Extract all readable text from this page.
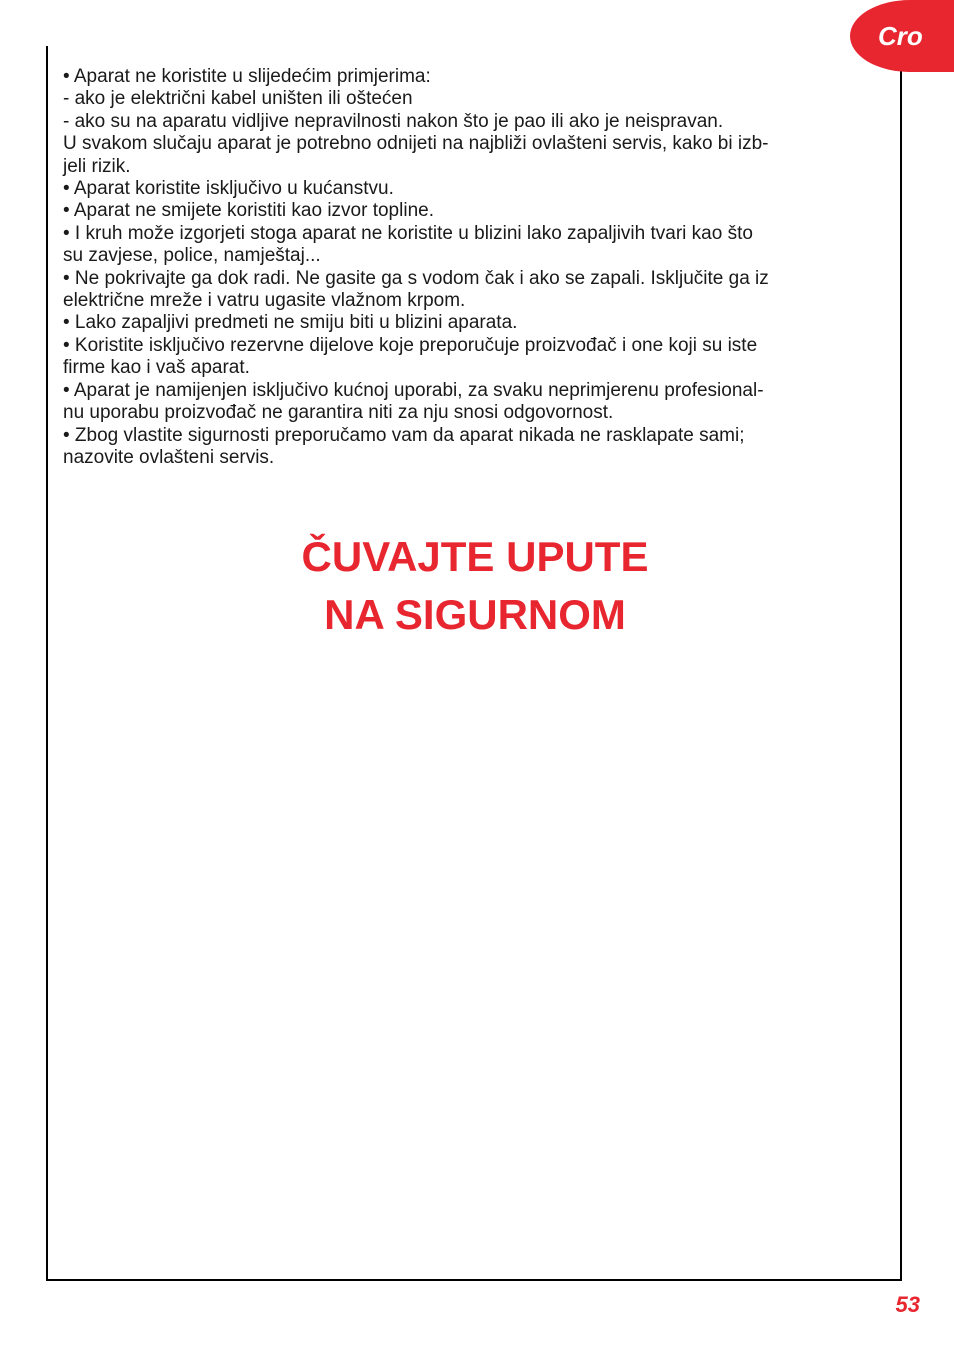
Cro

• Aparat ne koristite u slijedećim primjerima:

- ako je električni kabel uništen ili oštećen

- ako su na aparatu vidljive nepravilnosti nakon što je pao ili ako je neispravan.

U svakom slučaju aparat je potrebno odnijeti na najbliži ovlašteni servis, kako bi izb-

jeli rizik.

• Aparat koristite isključivo u kućanstvu.

• Aparat ne smijete koristiti kao izvor topline.

• I kruh može izgorjeti stoga aparat ne koristite u blizini lako zapaljivih tvari kao što

su zavjese, police, namještaj...

• Ne pokrivajte ga dok radi. Ne gasite ga s vodom čak i ako se zapali. Isključite ga iz

električne mreže i vatru ugasite vlažnom krpom.

• Lako zapaljivi predmeti ne smiju biti u blizini aparata.

• Koristite isključivo rezervne dijelove koje preporučuje proizvođač i one koji su iste

firme kao i vaš aparat.

• Aparat je namijenjen isključivo kućnoj uporabi, za svaku neprimjerenu profesional-

nu uporabu proizvođač ne garantira niti za nju snosi odgovornost.

• Zbog vlastite sigurnosti preporučamo vam da aparat nikada ne rasklapate sami;

nazovite ovlašteni servis.

ČUVAJTE UPUTE
NA SIGURNOM
53
